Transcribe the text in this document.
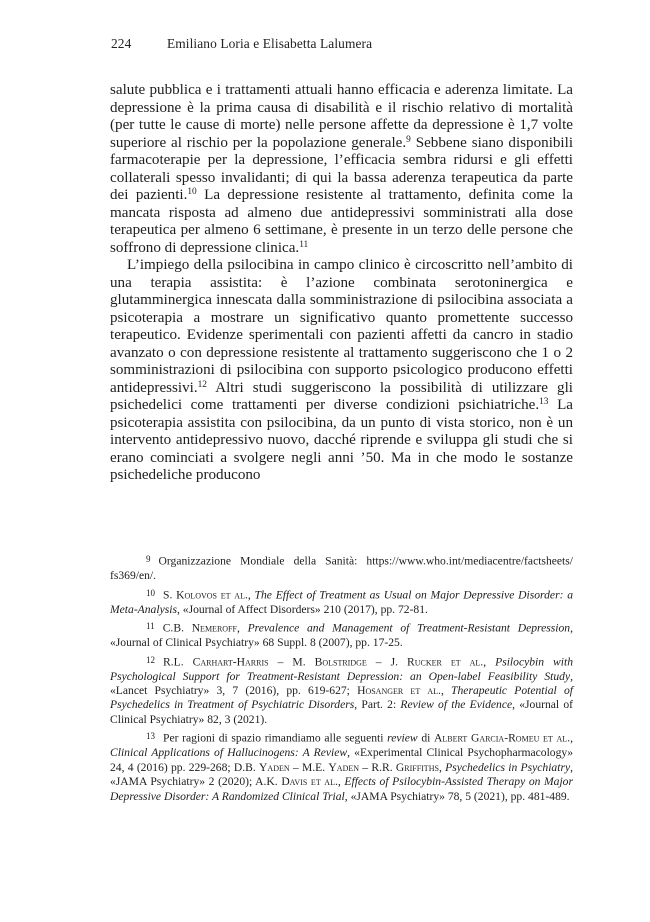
224	Emiliano Loria e Elisabetta Lalumera

salute pubblica e i trattamenti attuali hanno efficacia e aderenza limitate. La depressione è la prima causa di disabilità e il rischio relativo di mortalità (per tutte le cause di morte) nelle persone affette da depressione è 1,7 volte superiore al rischio per la popolazione generale.$^9$ Sebbene siano disponibili farmacoterapie per la depressione, l’efficacia sembra ridursi e gli effetti collaterali spesso invalidanti; di qui la bassa aderenza terapeutica da parte dei pazienti.$^{10}$ La depressione resistente al trattamento, definita come la mancata risposta ad almeno due antidepressivi somministrati alla dose terapeutica per almeno 6 settimane, è presente in un terzo delle persone che soffrono di depressione clinica.$^{11}$

L’impiego della psilocibina in campo clinico è circoscritto nell’ambito di una terapia assistita: è l’azione combinata serotoninergica e glutamminergica innescata dalla somministrazione di psilocibina associata a psicoterapia a mostrare un significativo quanto promettente successo terapeutico. Evidenze sperimentali con pazienti affetti da cancro in stadio avanzato o con depressione resistente al trattamento suggeriscono che 1 o 2 somministrazioni di psilocibina con supporto psicologico producono effetti antidepressivi.$^{12}$ Altri studi suggeriscono la possibilità di utilizzare gli psichedelici come trattamenti per diverse condizioni psichiatriche.$^{13}$ La psicoterapia assistita con psilocibina, da un punto di vista storico, non è un intervento antidepressivo nuovo, dacché riprende e sviluppa gli studi che si erano cominciati a svolgere negli anni ’50. Ma in che modo le sostanze psichedeliche producono

9 Organizzazione Mondiale della Sanità: https://www.who.int/mediacentre/factsheets/ fs369/en/.

10 S. Kolovos et al., The Effect of Treatment as Usual on Major Depressive Disorder: a Meta-Analysis, «Journal of Affect Disorders» 210 (2017), pp. 72-81.

11 C.B. Nemeroff, Prevalence and Management of Treatment-Resistant Depression, «Journal of Clinical Psychiatry» 68 Suppl. 8 (2007), pp. 17-25.

12 R.L. Carhart-Harris – M. Bolstridge – J. Rucker et al., Psilocybin with Psychological Support for Treatment-Resistant Depression: an Open-label Feasibility Study, «Lancet Psychiatry» 3, 7 (2016), pp. 619-627; Hosanger et al., Therapeutic Potential of Psychedelics in Treatment of Psychiatric Disorders, Part. 2: Review of the Evidence, «Journal of Clinical Psychiatry» 82, 3 (2021).

13 Per ragioni di spazio rimandiamo alle seguenti review di Albert Garcia-Romeu et al., Clinical Applications of Hallucinogens: A Review, «Experimental Clinical Psychopharmacology» 24, 4 (2016) pp. 229-268; D.B. Yaden – M.E. Yaden – R.R. Griffiths, Psychedelics in Psychiatry, «JAMA Psychiatry» 2 (2020); A.K. Davis et al., Effects of Psilocybin-Assisted Therapy on Major Depressive Disorder: A Randomized Clinical Trial, «JAMA Psychiatry» 78, 5 (2021), pp. 481-489.
